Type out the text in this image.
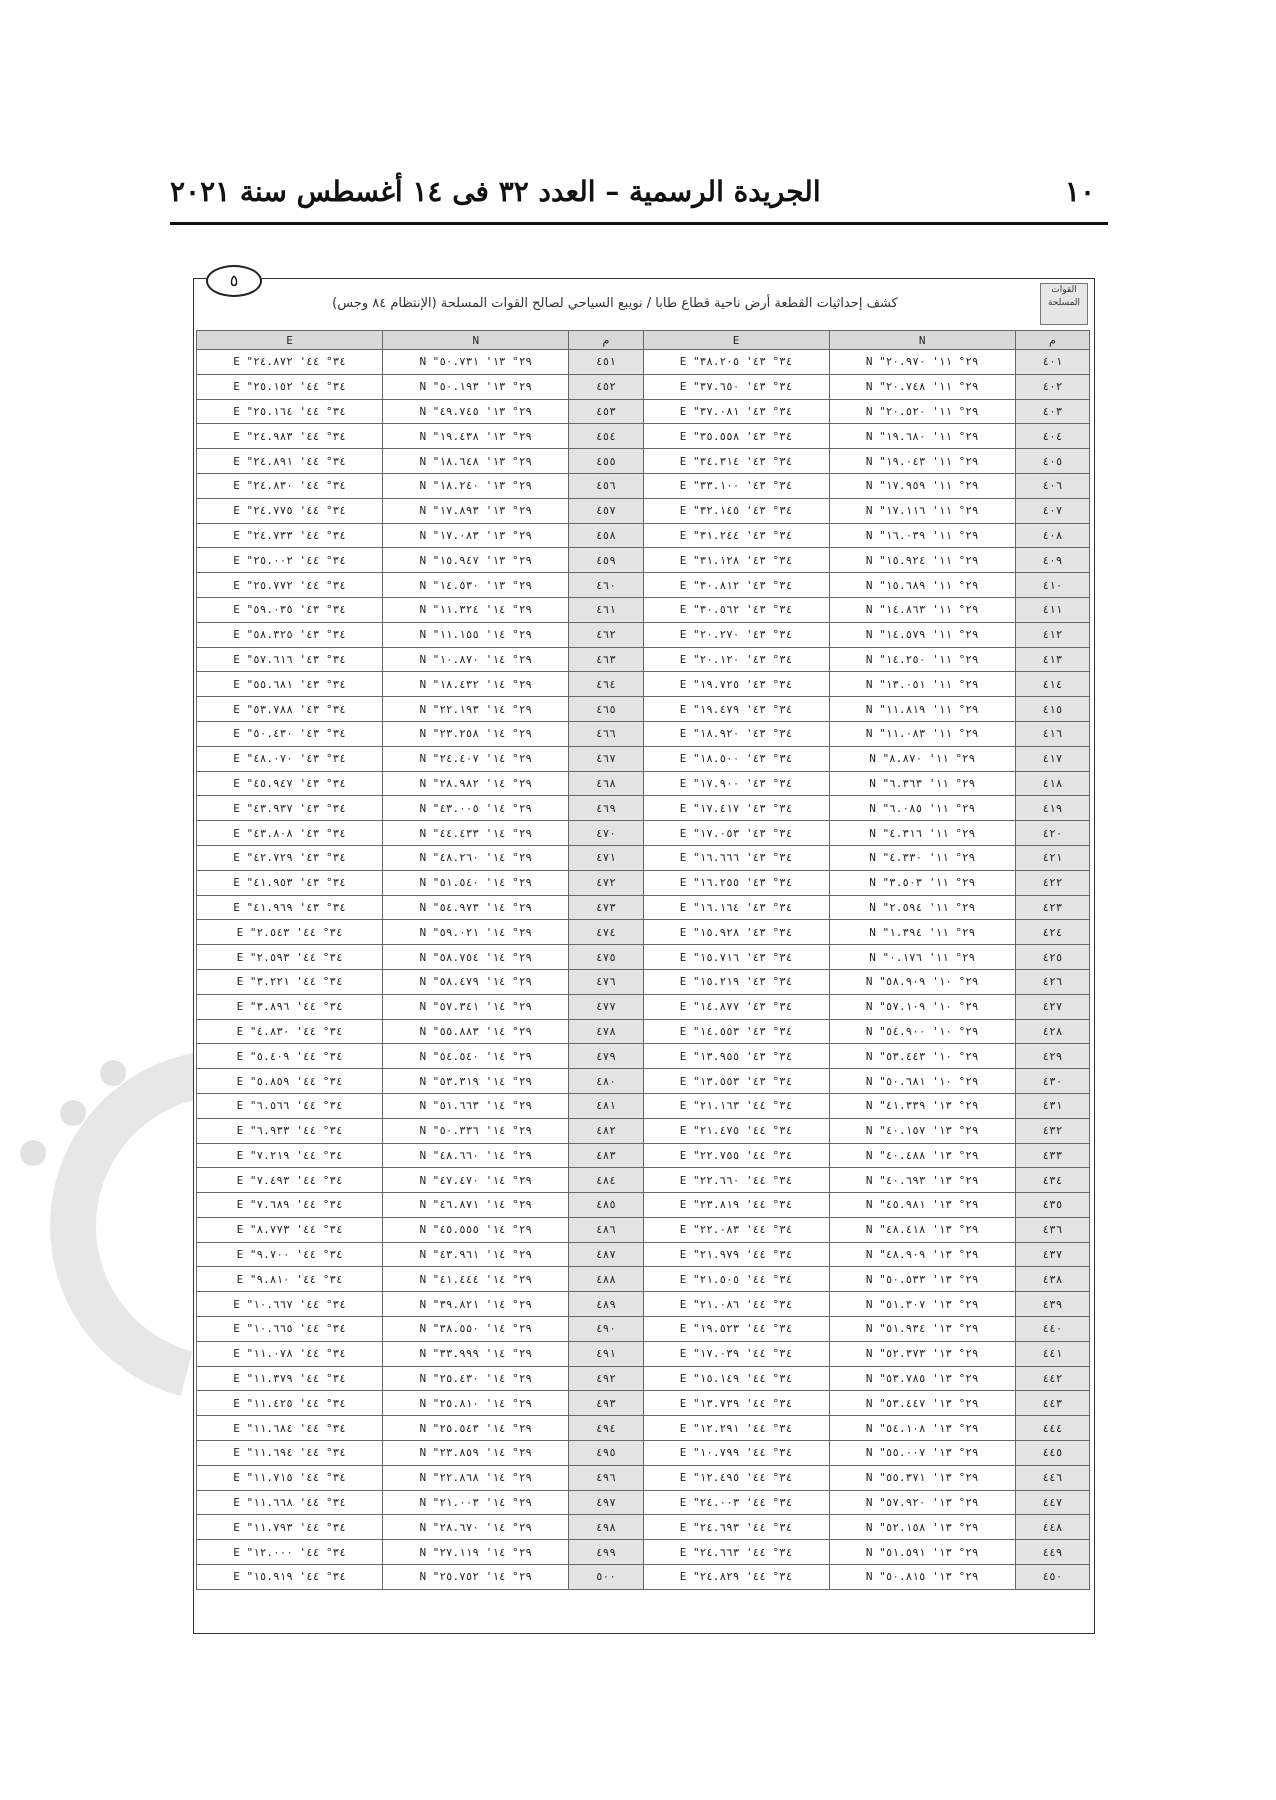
١٠
الجريدة الرسمية – العدد ٣٢ فى ١٤ أغسطس سنة ٢٠٢١
٥
كشف إحداثيات القطعة أرض ناحية قطاع طابا / نويبع السياحي لصالح القوات المسلحة (الإنتظام ٨٤ وجس)
القوات المسلحة
م	N	E	م	N	E
٤٠١	٢٩° ١١' ٢٠.٩٧٠" N	٣٤° ٤٣' ٣٨.٢٠٥" E	٤٥١	٢٩° ١٣' ٥٠.٧٣١" N	٣٤° ٤٤' ٢٤.٨٧٢" E
٤٠٢	٢٩° ١١' ٢٠.٧٤٨" N	٣٤° ٤٣' ٣٧.٦٥٠" E	٤٥٢	٢٩° ١٣' ٥٠.١٩٣" N	٣٤° ٤٤' ٢٥.١٥٢" E
٤٠٣	٢٩° ١١' ٢٠.٥٢٠" N	٣٤° ٤٣' ٣٧.٠٨١" E	٤٥٣	٢٩° ١٣' ٤٩.٧٤٥" N	٣٤° ٤٤' ٢٥.١٦٤" E
٤٠٤	٢٩° ١١' ١٩.٦٨٠" N	٣٤° ٤٣' ٣٥.٥٥٨" E	٤٥٤	٢٩° ١٣' ١٩.٤٣٨" N	٣٤° ٤٤' ٢٤.٩٨٣" E
٤٠٥	٢٩° ١١' ١٩.٠٤٣" N	٣٤° ٤٣' ٣٤.٣١٤" E	٤٥٥	٢٩° ١٣' ١٨.٦٤٨" N	٣٤° ٤٤' ٢٤.٨٩١" E
٤٠٦	٢٩° ١١' ١٧.٩٥٩" N	٣٤° ٤٣' ٣٣.١٠٠" E	٤٥٦	٢٩° ١٣' ١٨.٢٤٠" N	٣٤° ٤٤' ٢٤.٨٣٠" E
٤٠٧	٢٩° ١١' ١٧.١١٦" N	٣٤° ٤٣' ٣٢.١٤٥" E	٤٥٧	٢٩° ١٣' ١٧.٨٩٣" N	٣٤° ٤٤' ٢٤.٧٧٥" E
٤٠٨	٢٩° ١١' ١٦.٠٣٩" N	٣٤° ٤٣' ٣١.٢٤٤" E	٤٥٨	٢٩° ١٣' ١٧.٠٨٣" N	٣٤° ٤٤' ٢٤.٧٣٣" E
٤٠٩	٢٩° ١١' ١٥.٩٢٤" N	٣٤° ٤٣' ٣١.١٢٨" E	٤٥٩	٢٩° ١٣' ١٥.٩٤٧" N	٣٤° ٤٤' ٢٥.٠٠٢" E
٤١٠	٢٩° ١١' ١٥.٦٨٩" N	٣٤° ٤٣' ٣٠.٨١٢" E	٤٦٠	٢٩° ١٣' ١٤.٥٣٠" N	٣٤° ٤٤' ٢٥.٧٧٢" E
٤١١	٢٩° ١١' ١٤.٨٦٣" N	٣٤° ٤٣' ٣٠.٥٦٢" E	٤٦١	٢٩° ١٤' ١١.٣٢٤" N	٣٤° ٤٣' ٥٩.٠٣٥" E
٤١٢	٢٩° ١١' ١٤.٥٧٩" N	٣٤° ٤٣' ٢٠.٢٧٠" E	٤٦٢	٢٩° ١٤' ١١.١٥٥" N	٣٤° ٤٣' ٥٨.٣٢٥" E
٤١٣	٢٩° ١١' ١٤.٢٥٠" N	٣٤° ٤٣' ٢٠.١٢٠" E	٤٦٣	٢٩° ١٤' ١٠.٨٧٠" N	٣٤° ٤٣' ٥٧.٦١٦" E
٤١٤	٢٩° ١١' ١٣.٠٥١" N	٣٤° ٤٣' ١٩.٧٢٥" E	٤٦٤	٢٩° ١٤' ١٨.٤٣٢" N	٣٤° ٤٣' ٥٥.٦٨١" E
٤١٥	٢٩° ١١' ١١.٨١٩" N	٣٤° ٤٣' ١٩.٤٧٩" E	٤٦٥	٢٩° ١٤' ٢٢.١٩٣" N	٣٤° ٤٣' ٥٣.٧٨٨" E
٤١٦	٢٩° ١١' ١١.٠٨٣" N	٣٤° ٤٣' ١٨.٩٢٠" E	٤٦٦	٢٩° ١٤' ٢٣.٢٥٨" N	٣٤° ٤٣' ٥٠.٤٣٠" E
٤١٧	٢٩° ١١' ٨.٨٧٠" N	٣٤° ٤٣' ١٨.٥٠٠" E	٤٦٧	٢٩° ١٤' ٢٤.٤٠٧" N	٣٤° ٤٣' ٤٨.٠٧٠" E
٤١٨	٢٩° ١١' ٦.٣٦٣" N	٣٤° ٤٣' ١٧.٩٠٠" E	٤٦٨	٢٩° ١٤' ٢٨.٩٨٢" N	٣٤° ٤٣' ٤٥.٩٤٧" E
٤١٩	٢٩° ١١' ٦.٠٨٥" N	٣٤° ٤٣' ١٧.٤١٧" E	٤٦٩	٢٩° ١٤' ٤٣.٠٠٥" N	٣٤° ٤٣' ٤٣.٩٣٧" E
٤٢٠	٢٩° ١١' ٤.٣١٦" N	٣٤° ٤٣' ١٧.٠٥٣" E	٤٧٠	٢٩° ١٤' ٤٤.٤٣٣" N	٣٤° ٤٣' ٤٣.٨٠٨" E
٤٢١	٢٩° ١١' ٤.٣٣٠" N	٣٤° ٤٣' ١٦.٦٦٦" E	٤٧١	٢٩° ١٤' ٤٨.٢٦٠" N	٣٤° ٤٣' ٤٢.٧٢٩" E
٤٢٢	٢٩° ١١' ٣.٥٠٣" N	٣٤° ٤٣' ١٦.٢٥٥" E	٤٧٢	٢٩° ١٤' ٥١.٥٤٠" N	٣٤° ٤٣' ٤١.٩٥٣" E
٤٢٣	٢٩° ١١' ٢.٥٩٤" N	٣٤° ٤٣' ١٦.١٦٤" E	٤٧٣	٢٩° ١٤' ٥٤.٩٧٣" N	٣٤° ٤٣' ٤١.٩٦٩" E
٤٢٤	٢٩° ١١' ١.٣٩٤" N	٣٤° ٤٣' ١٥.٩٢٨" E	٤٧٤	٢٩° ١٤' ٥٩.٠٢١" N	٣٤° ٤٤' ٢.٥٤٣" E
٤٢٥	٢٩° ١١' ٠.١٧٦" N	٣٤° ٤٣' ١٥.٧١٦" E	٤٧٥	٢٩° ١٤' ٥٨.٧٥٤" N	٣٤° ٤٤' ٢.٥٩٣" E
٤٢٦	٢٩° ١٠' ٥٨.٩٠٩" N	٣٤° ٤٣' ١٥.٢١٩" E	٤٧٦	٢٩° ١٤' ٥٨.٤٧٩" N	٣٤° ٤٤' ٣.٢٢١" E
٤٢٧	٢٩° ١٠' ٥٧.١٠٩" N	٣٤° ٤٣' ١٤.٨٧٧" E	٤٧٧	٢٩° ١٤' ٥٧.٣٤١" N	٣٤° ٤٤' ٣.٨٩٦" E
٤٢٨	٢٩° ١٠' ٥٤.٩٠٠" N	٣٤° ٤٣' ١٤.٥٥٣" E	٤٧٨	٢٩° ١٤' ٥٥.٨٨٣" N	٣٤° ٤٤' ٤.٨٣٠" E
٤٢٩	٢٩° ١٠' ٥٣.٤٤٣" N	٣٤° ٤٣' ١٣.٩٥٥" E	٤٧٩	٢٩° ١٤' ٥٤.٥٤٠" N	٣٤° ٤٤' ٥.٤٠٩" E
٤٣٠	٢٩° ١٠' ٥٠.٦٨١" N	٣٤° ٤٣' ١٣.٥٥٣" E	٤٨٠	٢٩° ١٤' ٥٣.٣١٩" N	٣٤° ٤٤' ٥.٨٥٩" E
٤٣١	٢٩° ١٣' ٤١.٣٣٩" N	٣٤° ٤٤' ٢١.١٦٣" E	٤٨١	٢٩° ١٤' ٥١.٦٦٣" N	٣٤° ٤٤' ٦.٥٦٦" E
٤٣٢	٢٩° ١٣' ٤٠.١٥٧" N	٣٤° ٤٤' ٢١.٤٧٥" E	٤٨٢	٢٩° ١٤' ٥٠.٣٣٦" N	٣٤° ٤٤' ٦.٩٣٣" E
٤٣٣	٢٩° ١٣' ٤٠.٤٨٨" N	٣٤° ٤٤' ٢٢.٧٥٥" E	٤٨٣	٢٩° ١٤' ٤٨.٦٦٠" N	٣٤° ٤٤' ٧.٢١٩" E
٤٣٤	٢٩° ١٣' ٤٠.٦٩٣" N	٣٤° ٤٤' ٢٢.٦٦٠" E	٤٨٤	٢٩° ١٤' ٤٧.٤٧٠" N	٣٤° ٤٤' ٧.٤٩٣" E
٤٣٥	٢٩° ١٣' ٤٥.٩٨١" N	٣٤° ٤٤' ٢٣.٨١٩" E	٤٨٥	٢٩° ١٤' ٤٦.٨٧١" N	٣٤° ٤٤' ٧.٦٨٩" E
٤٣٦	٢٩° ١٣' ٤٨.٤١٨" N	٣٤° ٤٤' ٢٢.٠٨٣" E	٤٨٦	٢٩° ١٤' ٤٥.٥٥٥" N	٣٤° ٤٤' ٨.٧٧٣" E
٤٣٧	٢٩° ١٣' ٤٨.٩٠٩" N	٣٤° ٤٤' ٢١.٩٧٩" E	٤٨٧	٢٩° ١٤' ٤٣.٩٦١" N	٣٤° ٤٤' ٩.٧٠٠" E
٤٣٨	٢٩° ١٣' ٥٠.٥٣٣" N	٣٤° ٤٤' ٢١.٥٠٥" E	٤٨٨	٢٩° ١٤' ٤١.٤٤٤" N	٣٤° ٤٤' ٩.٨١٠" E
٤٣٩	٢٩° ١٣' ٥١.٣٠٧" N	٣٤° ٤٤' ٢١.٠٨٦" E	٤٨٩	٢٩° ١٤' ٣٩.٨٢١" N	٣٤° ٤٤' ١٠.٦٦٧" E
٤٤٠	٢٩° ١٣' ٥١.٩٣٤" N	٣٤° ٤٤' ١٩.٥٢٣" E	٤٩٠	٢٩° ١٤' ٣٨.٥٥٠" N	٣٤° ٤٤' ١٠.٦٦٥" E
٤٤١	٢٩° ١٣' ٥٢.٣٧٣" N	٣٤° ٤٤' ١٧.٠٣٩" E	٤٩١	٢٩° ١٤' ٣٣.٩٩٩" N	٣٤° ٤٤' ١١.٠٧٨" E
٤٤٢	٢٩° ١٣' ٥٣.٧٨٥" N	٣٤° ٤٤' ١٥.١٤٩" E	٤٩٢	٢٩° ١٤' ٢٥.٤٣٠" N	٣٤° ٤٤' ١١.٣٧٩" E
٤٤٣	٢٩° ١٣' ٥٣.٤٤٧" N	٣٤° ٤٤' ١٣.٧٣٩" E	٤٩٣	٢٩° ١٤' ٢٥.٨١٠" N	٣٤° ٤٤' ١١.٤٢٥" E
٤٤٤	٢٩° ١٣' ٥٤.١٠٨" N	٣٤° ٤٤' ١٢.٢٩١" E	٤٩٤	٢٩° ١٤' ٢٥.٥٤٣" N	٣٤° ٤٤' ١١.٦٨٤" E
٤٤٥	٢٩° ١٣' ٥٥.٠٠٧" N	٣٤° ٤٤' ١٠.٧٩٩" E	٤٩٥	٢٩° ١٤' ٢٣.٨٥٩" N	٣٤° ٤٤' ١١.٦٩٤" E
٤٤٦	٢٩° ١٣' ٥٥.٣٧١" N	٣٤° ٤٤' ١٢.٤٩٥" E	٤٩٦	٢٩° ١٤' ٢٢.٨٦٨" N	٣٤° ٤٤' ١١.٧١٥" E
٤٤٧	٢٩° ١٣' ٥٧.٩٢٠" N	٣٤° ٤٤' ٢٤.٠٠٣" E	٤٩٧	٢٩° ١٤' ٢١.٠٠٣" N	٣٤° ٤٤' ١١.٦٦٨" E
٤٤٨	٢٩° ١٣' ٥٢.١٥٨" N	٣٤° ٤٤' ٢٤.٦٩٣" E	٤٩٨	٢٩° ١٤' ٢٨.٦٧٠" N	٣٤° ٤٤' ١١.٧٩٣" E
٤٤٩	٢٩° ١٣' ٥١.٥٩١" N	٣٤° ٤٤' ٢٤.٦٦٣" E	٤٩٩	٢٩° ١٤' ٢٧.١١٩" N	٣٤° ٤٤' ١٢.٠٠٠" E
٤٥٠	٢٩° ١٣' ٥٠.٨١٥" N	٣٤° ٤٤' ٢٤.٨٢٩" E	٥٠٠	٢٩° ١٤' ٢٥.٧٥٢" N	٣٤° ٤٤' ١٥.٩١٩" E
